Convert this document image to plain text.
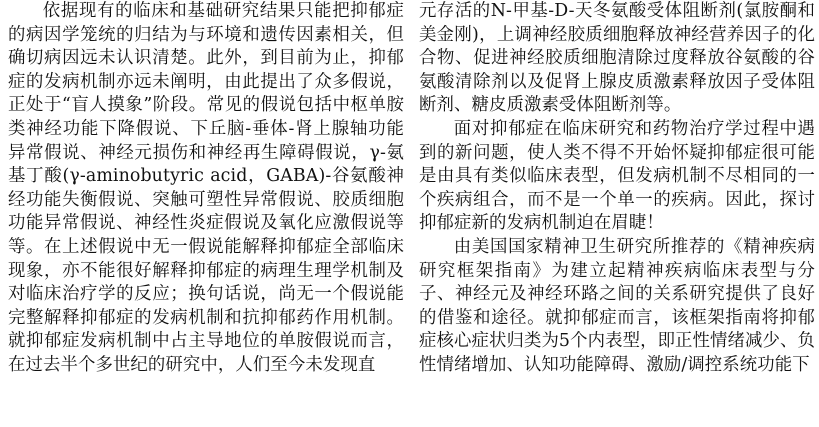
依据现有的临床和基础研究结果只能把抑郁症的病因学笼统的归结为与环境和遗传因素相关，但确切病因远未认识清楚。此外，到目前为止，抑郁症的发病机制亦远未阐明，由此提出了众多假说，正处于“盲人摸象”阶段。常见的假说包括中枢单胺类神经功能下降假说、下丘脑-垂体-肾上腺轴功能异常假说、神经元损伤和神经再生障碍假说，γ-氨基丁酸(γ-aminobutyric acid，GABA)-谷氨酸神经功能失衡假说、突触可塑性异常假说、胶质细胞功能异常假说、神经性炎症假说及氧化应激假说等等。在上述假说中无一假说能解释抑郁症全部临床现象，亦不能很好解释抑郁症的病理生理学机制及对临床治疗学的反应；换句话说，尚无一个假说能完整解释抑郁症的发病机制和抗抑郁药作用机制。就抑郁症发病机制中占主导地位的单胺假说而言，在过去半个多世纪的研究中，人们至今未发现直

元存活的N-甲基-D-天冬氨酸受体阻断剂(氯胺酮和美金刚)，上调神经胶质细胞释放神经营养因子的化合物、促进神经胶质细胞清除过度释放谷氨酸的谷氨酸清除剂以及促肾上腺皮质激素释放因子受体阻断剂、糖皮质激素受体阻断剂等。

面对抑郁症在临床研究和药物治疗学过程中遇到的新问题，使人类不得不开始怀疑抑郁症很可能是由具有类似临床表型，但发病机制不尽相同的一个疾病组合，而不是一个单一的疾病。因此，探讨抑郁症新的发病机制迫在眉睫！

由美国国家精神卫生研究所推荐的《精神疾病研究框架指南》为建立起精神疾病临床表型与分子、神经元及神经环路之间的关系研究提供了良好的借鉴和途径。就抑郁症而言，该框架指南将抑郁症核心症状归类为5个内表型，即正性情绪减少、负性情绪增加、认知功能障碍、激励/调控系统功能下
